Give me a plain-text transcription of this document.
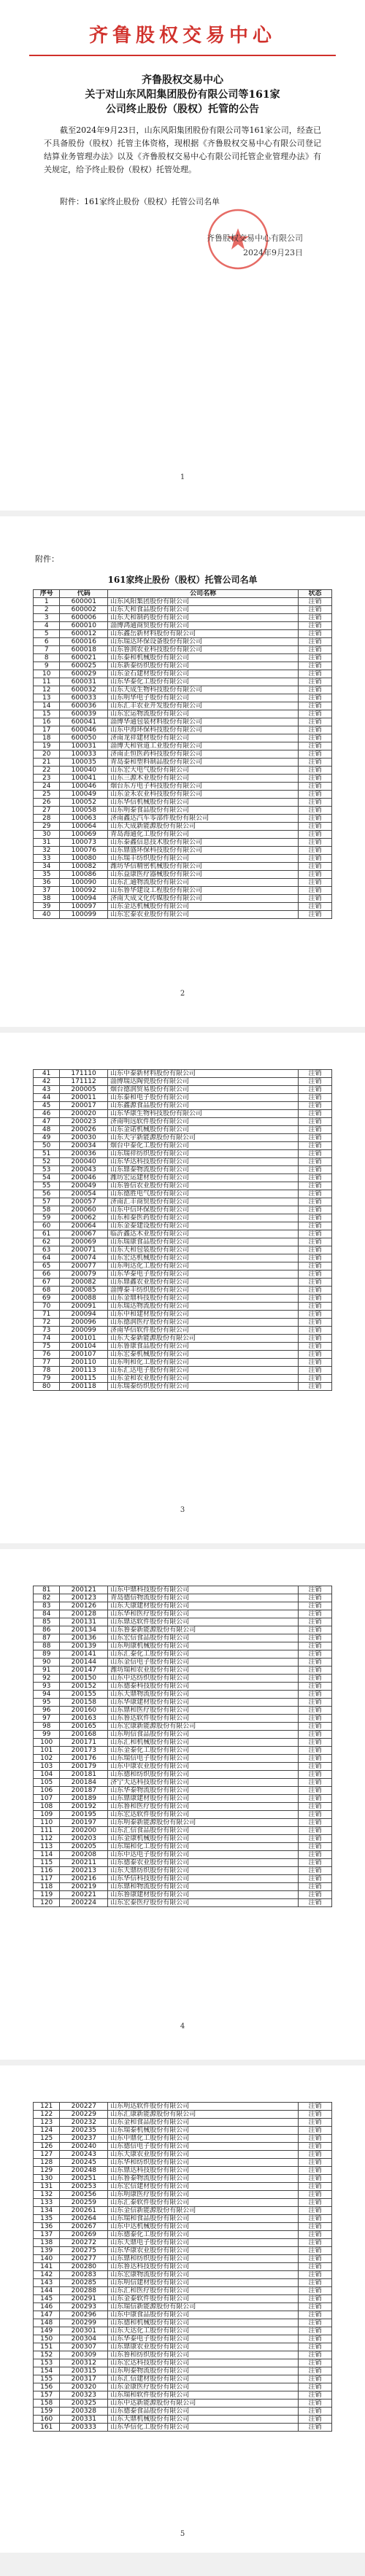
齐鲁股权交易中心
齐鲁股权交易中心
关于对山东风阳集团股份有限公司等161家
公司终止股份（股权）托管的公告
截至2024年9月23日，山东风阳集团股份有限公司等161家公司，经查已不具备股份（股权）托管主体资格，现根据《齐鲁股权交易中心有限公司登记结算业务管理办法》以及《齐鲁股权交易中心有限公司托管企业管理办法》有关规定，给予终止股份（股权）托管处理。
附件：161家终止股份（股权）托管公司名单
齐鲁股权交易中心有限公司
2024年9月23日
1
附件：
161家终止股份（股权）托管公司名单
序号	代码	公司名称	状态
1	600001	山东风阳集团股份有限公司	注销
2	600002	山东天和食品股份有限公司	注销
3	600006	山东天和制药股份有限公司	注销
4	600010	淄博鸿通商贸股份有限公司	注销
5	600012	山东鑫岳新材料股份有限公司	注销
6	600016	山东瑞达环保设备股份有限公司	注销
7	600018	山东鲁润农业科技股份有限公司	注销
8	600021	山东泰和机械股份有限公司	注销
9	600025	山东新泰纺织股份有限公司	注销
10	600029	山东金石建材股份有限公司	注销
11	600031	山东华泰化工股份有限公司	注销
12	600032	山东天成生物科技股份有限公司	注销
13	600033	山东明华电子股份有限公司	注销
14	600036	山东汇丰农业开发股份有限公司	注销
15	600039	山东宏运物流股份有限公司	注销
16	600041	淄博华通包装材料股份有限公司	注销
17	600046	山东中海环保科技股份有限公司	注销
18	600050	济南龙祥建材股份有限公司	注销
19	100031	淄博天和管道工业股份有限公司	注销
20	100033	济南正恒医药科技股份有限公司	注销
21	100035	青岛泰和塑料制品股份有限公司	注销
22	100040	山东宏大电气股份有限公司	注销
23	100041	山东三源木业股份有限公司	注销
24	100046	烟台东方电子科技股份有限公司	注销
25	100049	山东金禾农业科技股份有限公司	注销
26	100052	山东华信机械股份有限公司	注销
27	100058	山东明泰食品股份有限公司	注销
28	100063	济南鑫达汽车零部件股份有限公司	注销
29	100064	山东天成新能源股份有限公司	注销
30	100069	青岛海通化工股份有限公司	注销
31	100073	山东泰鑫信息技术股份有限公司	注销
32	100076	山东鼎盛环保科技股份有限公司	注销
33	100080	山东瑞丰纺织股份有限公司	注销
34	100082	潍坊华信精密机械股份有限公司	注销
35	100086	山东益康医疗器械股份有限公司	注销
36	100090	山东汇通物流股份有限公司	注销
37	100092	山东鲁华建设工程股份有限公司	注销
38	100094	济南天成文化传媒股份有限公司	注销
39	100097	山东金达机械股份有限公司	注销
40	100099	山东宏泰农业股份有限公司	注销
2
41	171110	山东中泰新材料股份有限公司	注销
42	171112	淄博瑞达陶瓷股份有限公司	注销
43	200005	烟台德润贸易股份有限公司	注销
44	200011	山东泰和电子股份有限公司	注销
45	200017	山东鑫源食品股份有限公司	注销
46	200020	山东华康生物科技股份有限公司	注销
47	200023	济南明远软件股份有限公司	注销
48	200026	山东金诺机械股份有限公司	注销
49	200030	山东天宇新能源股份有限公司	注销
50	200034	烟台中泰化工股份有限公司	注销
51	200036	山东瑞祥纺织股份有限公司	注销
52	200040	山东华达科技股份有限公司	注销
53	200043	山东鼎泰物流股份有限公司	注销
54	200046	潍坊宏运建材股份有限公司	注销
55	200049	山东鲁信农业股份有限公司	注销
56	200054	山东德胜电气股份有限公司	注销
57	200057	济南汇丰商贸股份有限公司	注销
58	200060	山东中信环保股份有限公司	注销
59	200062	山东和泰医药股份有限公司	注销
60	200064	山东金泰建设股份有限公司	注销
61	200067	临沂鑫达木业股份有限公司	注销
62	200069	山东瑞康食品股份有限公司	注销
63	200071	山东天和包装股份有限公司	注销
64	200074	山东宏达机械股份有限公司	注销
65	200077	山东明达化工股份有限公司	注销
66	200079	山东华泰电子股份有限公司	注销
67	200082	山东鼎鑫农业股份有限公司	注销
68	200085	淄博泰丰纺织股份有限公司	注销
69	200088	山东金鼎科技股份有限公司	注销
70	200091	山东瑞达物流股份有限公司	注销
71	200094	山东中和建材股份有限公司	注销
72	200096	山东德润医疗股份有限公司	注销
73	200099	济南华信软件股份有限公司	注销
74	200101	山东天泰新能源股份有限公司	注销
75	200104	山东鲁康食品股份有限公司	注销
76	200107	山东宏泰机械股份有限公司	注销
77	200110	山东明和化工股份有限公司	注销
78	200113	山东汇达电子股份有限公司	注销
79	200115	山东金和农业股份有限公司	注销
80	200118	山东瑞泰纺织股份有限公司	注销
3
81	200121	山东中鼎科技股份有限公司	注销
82	200123	青岛德信物流股份有限公司	注销
83	200126	山东天康建材股份有限公司	注销
84	200128	山东华和医疗股份有限公司	注销
85	200131	山东鼎达软件股份有限公司	注销
86	200134	山东鲁泰新能源股份有限公司	注销
87	200136	山东宏信食品股份有限公司	注销
88	200139	山东明康机械股份有限公司	注销
89	200141	山东汇泰化工股份有限公司	注销
90	200144	山东金信电子股份有限公司	注销
91	200147	潍坊瑞和农业股份有限公司	注销
92	200150	山东中达纺织股份有限公司	注销
93	200152	山东德泰科技股份有限公司	注销
94	200155	山东天鼎物流股份有限公司	注销
95	200158	山东华康建材股份有限公司	注销
96	200160	山东鼎和医疗股份有限公司	注销
97	200163	山东鲁达软件股份有限公司	注销
98	200165	山东宏康新能源股份有限公司	注销
99	200168	山东明信食品股份有限公司	注销
100	200171	山东汇和机械股份有限公司	注销
101	200173	山东金泰化工股份有限公司	注销
102	200176	山东瑞信电子股份有限公司	注销
103	200179	山东中康农业股份有限公司	注销
104	200181	山东德和纺织股份有限公司	注销
105	200184	济宁天达科技股份有限公司	注销
106	200187	山东华泰物流股份有限公司	注销
107	200189	山东鼎康建材股份有限公司	注销
108	200192	山东鲁和医疗股份有限公司	注销
109	200195	山东宏达软件股份有限公司	注销
110	200197	山东明泰新能源股份有限公司	注销
111	200200	山东汇信食品股份有限公司	注销
112	200203	山东金康机械股份有限公司	注销
113	200205	山东瑞和化工股份有限公司	注销
114	200208	山东中达电子股份有限公司	注销
115	200211	山东德泰农业股份有限公司	注销
116	200213	山东天鼎纺织股份有限公司	注销
117	200216	山东华信科技股份有限公司	注销
118	200219	山东鼎和物流股份有限公司	注销
119	200221	山东鲁康建材股份有限公司	注销
120	200224	山东宏泰医疗股份有限公司	注销
4
121	200227	山东明达软件股份有限公司	注销
122	200229	山东汇康新能源股份有限公司	注销
123	200232	山东金和食品股份有限公司	注销
124	200235	山东瑞泰机械股份有限公司	注销
125	200237	山东中鼎化工股份有限公司	注销
126	200240	山东德信电子股份有限公司	注销
127	200243	山东天康农业股份有限公司	注销
128	200245	山东华和纺织股份有限公司	注销
129	200248	山东鼎达科技股份有限公司	注销
130	200251	山东鲁泰物流股份有限公司	注销
131	200253	山东宏信建材股份有限公司	注销
132	200256	山东明康医疗股份有限公司	注销
133	200259	山东汇泰软件股份有限公司	注销
134	200261	山东金信新能源股份有限公司	注销
135	200264	山东瑞和食品股份有限公司	注销
136	200267	山东中达机械股份有限公司	注销
137	200269	山东德泰化工股份有限公司	注销
138	200272	山东天鼎电子股份有限公司	注销
139	200275	山东华康农业股份有限公司	注销
140	200277	山东鼎和纺织股份有限公司	注销
141	200280	山东鲁达科技股份有限公司	注销
142	200283	山东宏康物流股份有限公司	注销
143	200285	山东明信建材股份有限公司	注销
144	200288	山东汇和医疗股份有限公司	注销
145	200291	山东金泰软件股份有限公司	注销
146	200293	山东瑞信新能源股份有限公司	注销
147	200296	山东中康食品股份有限公司	注销
148	200299	山东德和机械股份有限公司	注销
149	200301	山东天达化工股份有限公司	注销
150	200304	山东华泰电子股份有限公司	注销
151	200307	山东鼎康农业股份有限公司	注销
152	200309	山东鲁和纺织股份有限公司	注销
153	200312	山东宏达科技股份有限公司	注销
154	200315	山东明泰物流股份有限公司	注销
155	200317	山东汇信建材股份有限公司	注销
156	200320	山东金康医疗股份有限公司	注销
157	200323	山东瑞和软件股份有限公司	注销
158	200325	山东中达新能源股份有限公司	注销
159	200328	山东德泰食品股份有限公司	注销
160	200331	山东天鼎机械股份有限公司	注销
161	200333	山东华信化工股份有限公司	注销
5
